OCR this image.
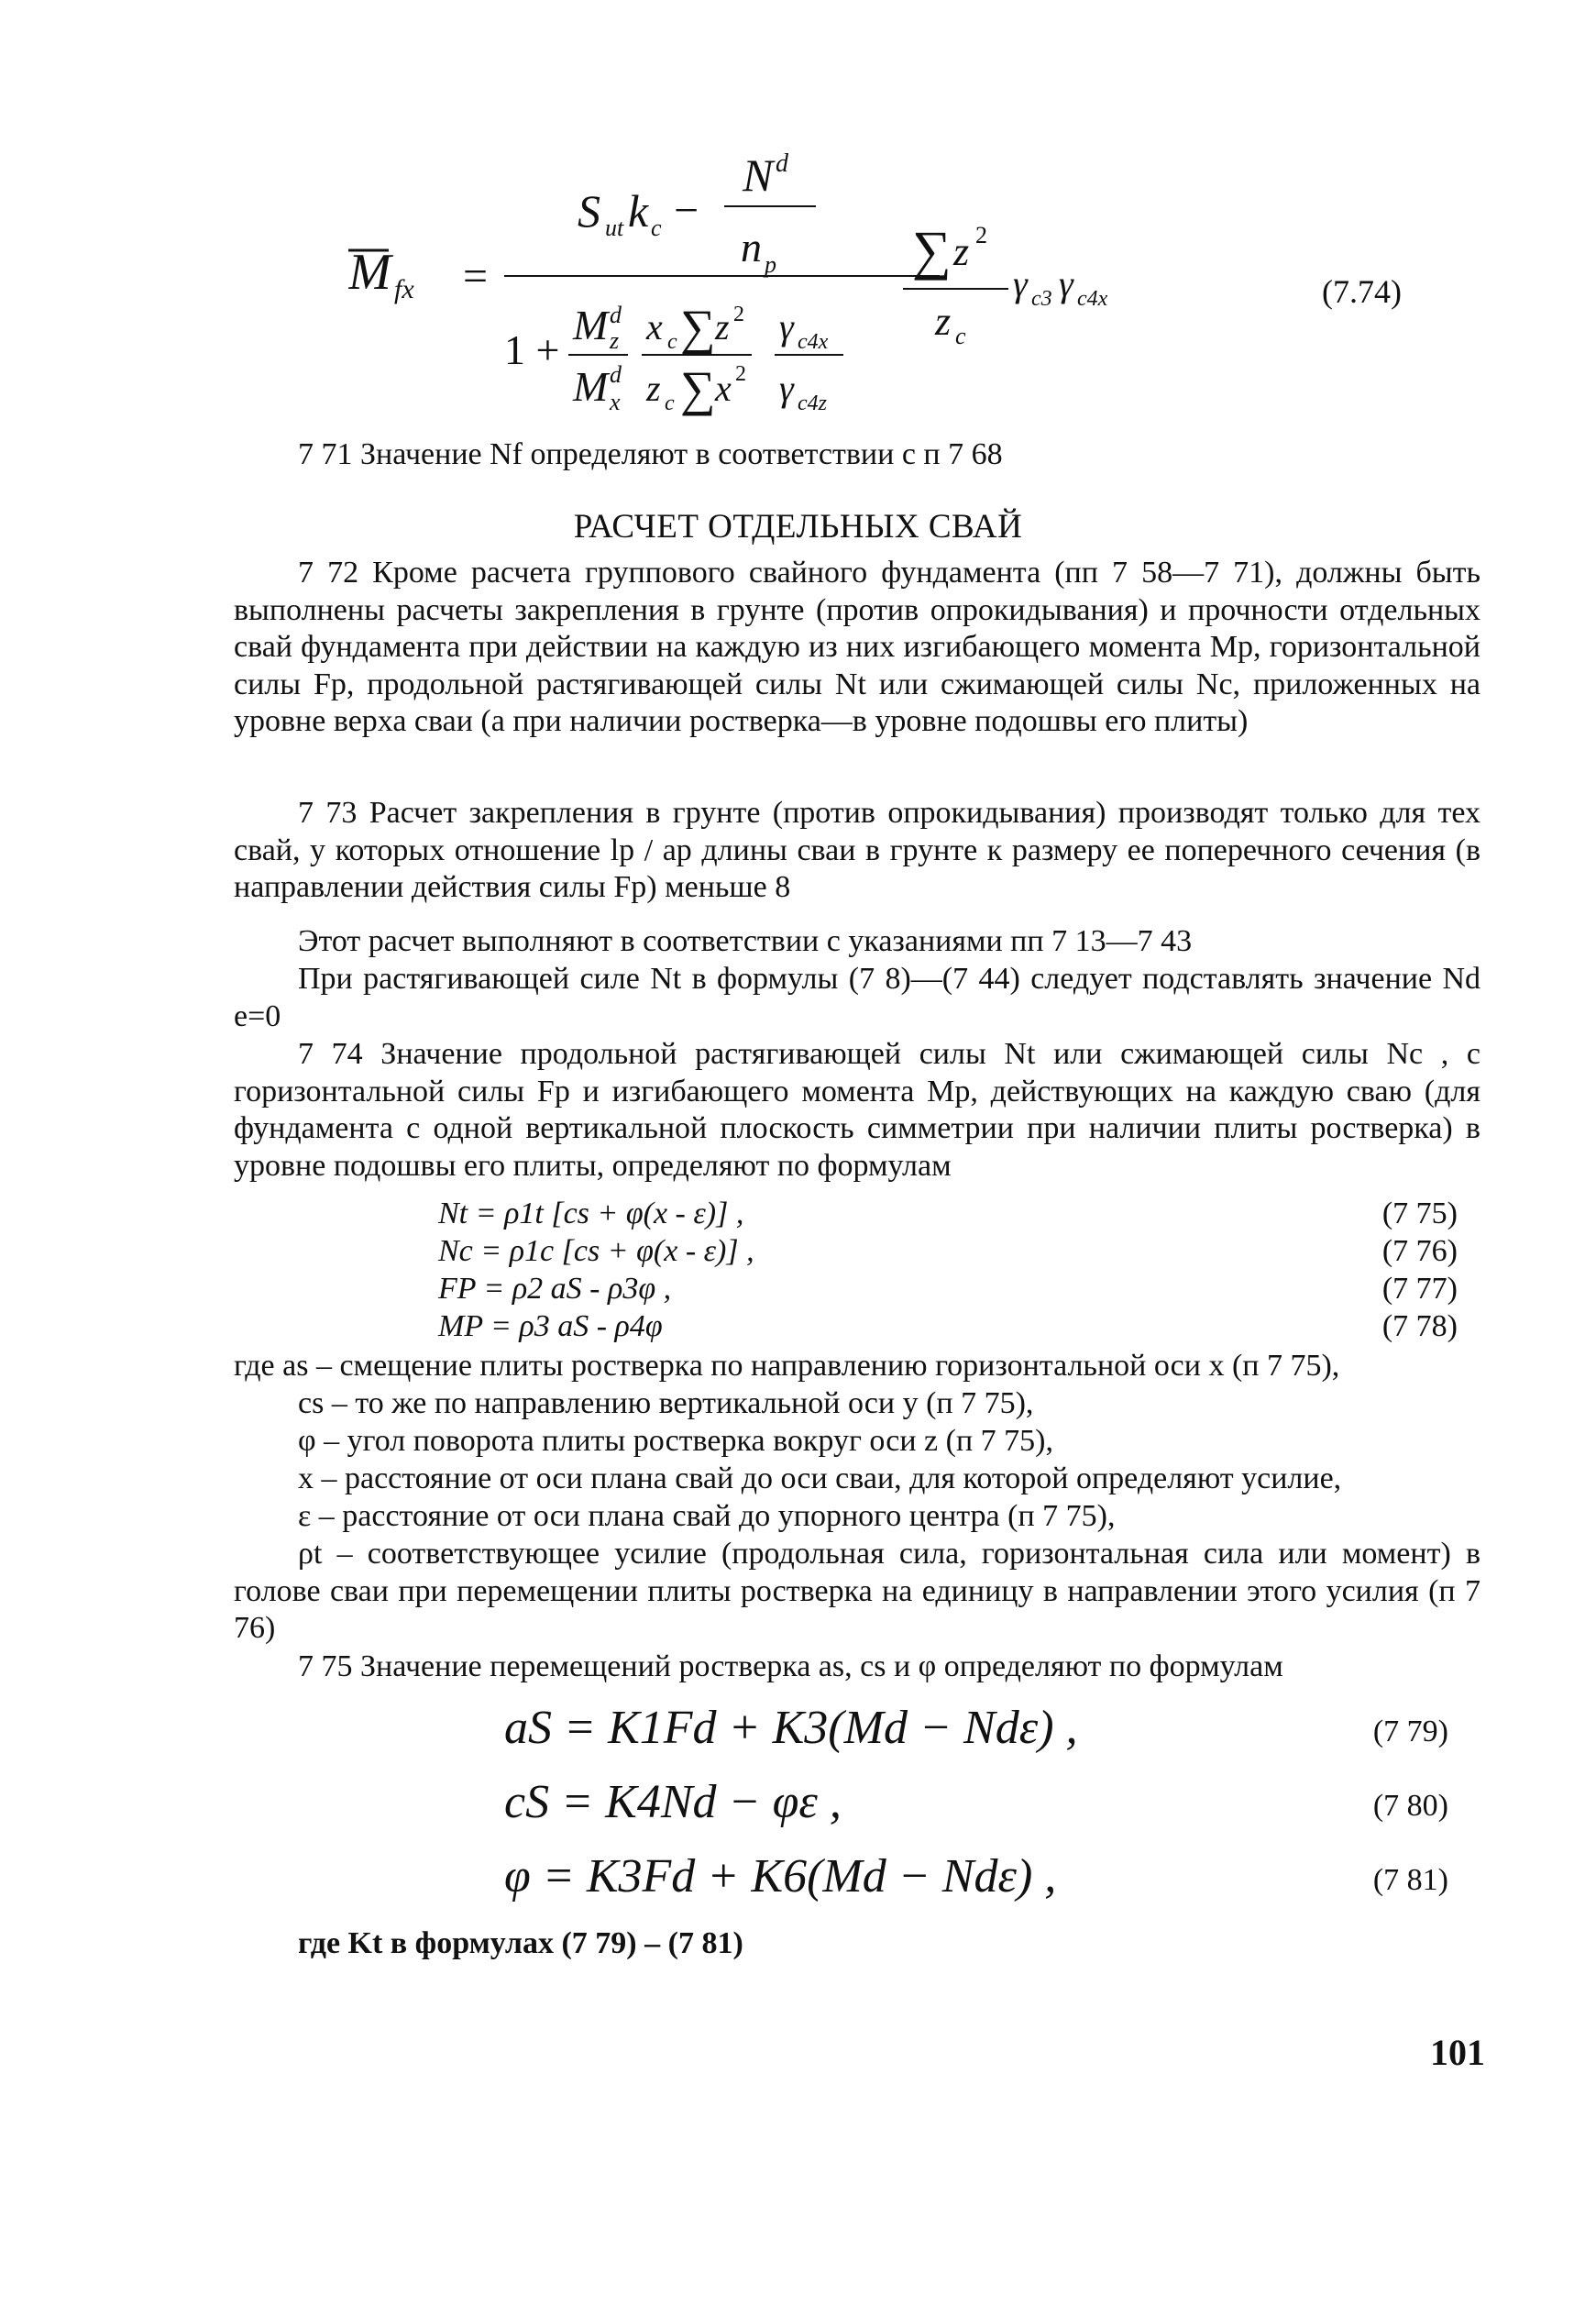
M fx =
S ut k c −
N d
n p
1 +
M d
z
M d
x
x c ∑ z 2
z c ∑ x 2
γ c4x
γ c4z
∑ z 2
z c
γ c3 γ c4x	(7.74)
7 71 Значение Nf определяют в соответствии с п 7 68
РАСЧЕТ ОТДЕЛЬНЫХ СВАЙ
7 72 Кроме расчета группового свайного фундамента (пп 7 58—7 71), должны быть выполнены расчеты закрепления в грунте (против опрокидывания) и прочности отдельных свай фундамента при действии на каждую из них изгибающего момента Mp, горизонтальной силы Fp, продольной растягивающей силы Nt или сжимающей силы Nc, приложенных на уровне верха сваи (а при наличии ростверка—в уровне подошвы его плиты)
7 73 Расчет закрепления в грунте (против опрокидывания) производят только для тех свай, у которых отношение lp / ap длины сваи в грунте к размеру ее поперечного сечения (в направлении действия силы Fp) меньше 8
Этот расчет выполняют в соответствии с указаниями пп 7 13—7 43
При растягивающей силе Nt в формулы (7 8)—(7 44) следует подставлять значение Nd e=0
7 74 Значение продольной растягивающей силы Nt или сжимающей силы Nc , с горизонтальной силы Fp и изгибающего момента Mp, действующих на каждую сваю (для фундамента с одной вертикальной плоскость симметрии при наличии плиты ростверка) в уровне подошвы его плиты, определяют по формулам
Nt = ρ1t [cs + φ(x - ε)] ,	(7 75)
Nc = ρ1c [cs + φ(x - ε)] ,	(7 76)
FP = ρ2 aS - ρ3φ ,	(7 77)
MP = ρ3 aS - ρ4φ	(7 78)
где as – смещение плиты ростверка по направлению горизонтальной оси x (п 7 75),
cs – то же по направлению вертикальной оси y (п 7 75),
φ – угол поворота плиты ростверка вокруг оси z (п 7 75),
x – расстояние от оси плана свай до оси сваи, для которой определяют усилие,
ε – расстояние от оси плана свай до упорного центра (п 7 75),
ρt – соответствующее усилие (продольная сила, горизонтальная сила или момент) в голове сваи при перемещении плиты ростверка на единицу в направлении этого усилия (п 7 76)
7 75 Значение перемещений ростверка as, cs и φ определяют по формулам
aS = K1Fd + K3(Md − Ndε) ,	(7 79)
cS = K4Nd − φε ,	(7 80)
φ = K3Fd + K6(Md − Ndε) ,	(7 81)
где Kt в формулах (7 79) – (7 81)
101
